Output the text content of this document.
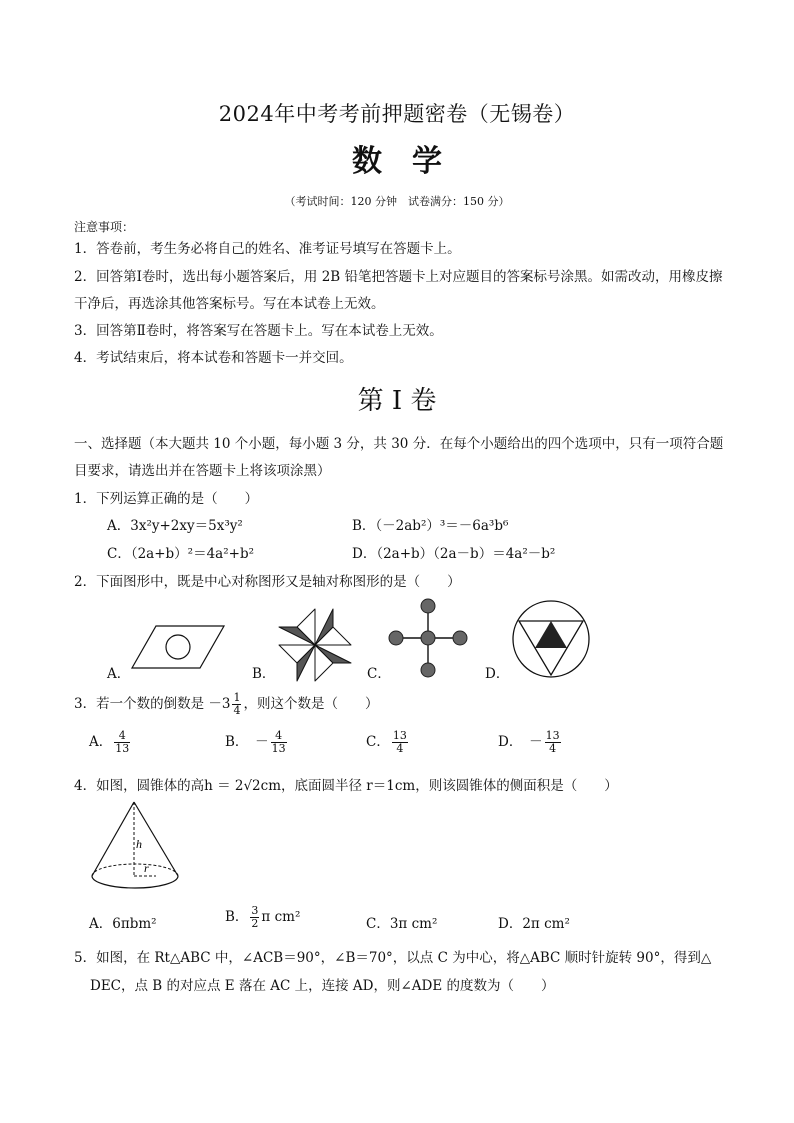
2024年中考考前押题密卷（无锡卷）
数学
（考试时间：120 分钟　试卷满分：150 分）
注意事项：
1．答卷前，考生务必将自己的姓名、准考证号填写在答题卡上。
2．回答第Ⅰ卷时，选出每小题答案后，用 2B 铅笔把答题卡上对应题目的答案标号涂黑。如需改动，用橡皮擦干净后，再选涂其他答案标号。写在本试卷上无效。
3．回答第Ⅱ卷时，将答案写在答题卡上。写在本试卷上无效。
4．考试结束后，将本试卷和答题卡一并交回。
第 I 卷
一、选择题（本大题共 10 个小题，每小题 3 分，共 30 分．在每个小题给出的四个选项中，只有一项符合题目要求，请选出并在答题卡上将该项涂黑）
1．下列运算正确的是（　　）
A．3x²y+2xy＝5x³y²	B．（－2ab²）³＝－6a³b⁶
C．（2a+b）²＝4a²+b²	D．（2a+b）（2a－b）＝4a²－b²
2．下面图形中，既是中心对称图形又是轴对称图形的是（　　）
A．	B．	C．	D．
3．若一个数的倒数是 $-3 \frac{1}{4}$ ，则这个数是（　　）
A． $\frac{4}{13}$	B．　－ $\frac{4}{13}$	C． $\frac{13}{4}$	D．　－ $\frac{13}{4}$
4．如图，圆锥体的高h ＝ 2√2cm，底面圆半径 r＝1cm，则该圆锥体的侧面积是（　　）
h
r
A．6πbm²	B． $\frac{3}{2}$ π cm²	C．3π cm²	D．2π cm²
5．如图，在 Rt△ABC 中，∠ACB＝90°，∠B＝70°，以点 C 为中心，将△ABC 顺时针旋转 90°，得到△
DEC，点 B 的对应点 E 落在 AC 上，连接 AD，则∠ADE 的度数为（　　）
